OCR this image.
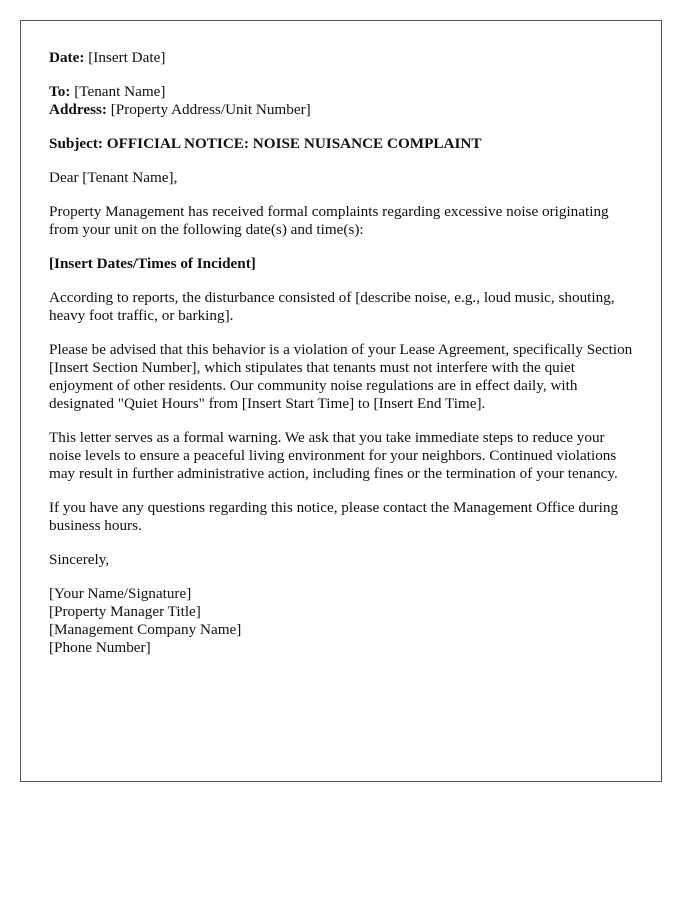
Date: [Insert Date]

To: [Tenant Name]
Address: [Property Address/Unit Number]

Subject: OFFICIAL NOTICE: NOISE NUISANCE COMPLAINT

Dear [Tenant Name],

Property Management has received formal complaints regarding excessive noise originating from your unit on the following date(s) and time(s):

[Insert Dates/Times of Incident]

According to reports, the disturbance consisted of [describe noise, e.g., loud music, shouting, heavy foot traffic, or barking].

Please be advised that this behavior is a violation of your Lease Agreement, specifically Section [Insert Section Number], which stipulates that tenants must not interfere with the quiet enjoyment of other residents. Our community noise regulations are in effect daily, with designated "Quiet Hours" from [Insert Start Time] to [Insert End Time].

This letter serves as a formal warning. We ask that you take immediate steps to reduce your noise levels to ensure a peaceful living environment for your neighbors. Continued violations may result in further administrative action, including fines or the termination of your tenancy.

If you have any questions regarding this notice, please contact the Management Office during business hours.

Sincerely,

[Your Name/Signature]
[Property Manager Title]
[Management Company Name]
[Phone Number]
